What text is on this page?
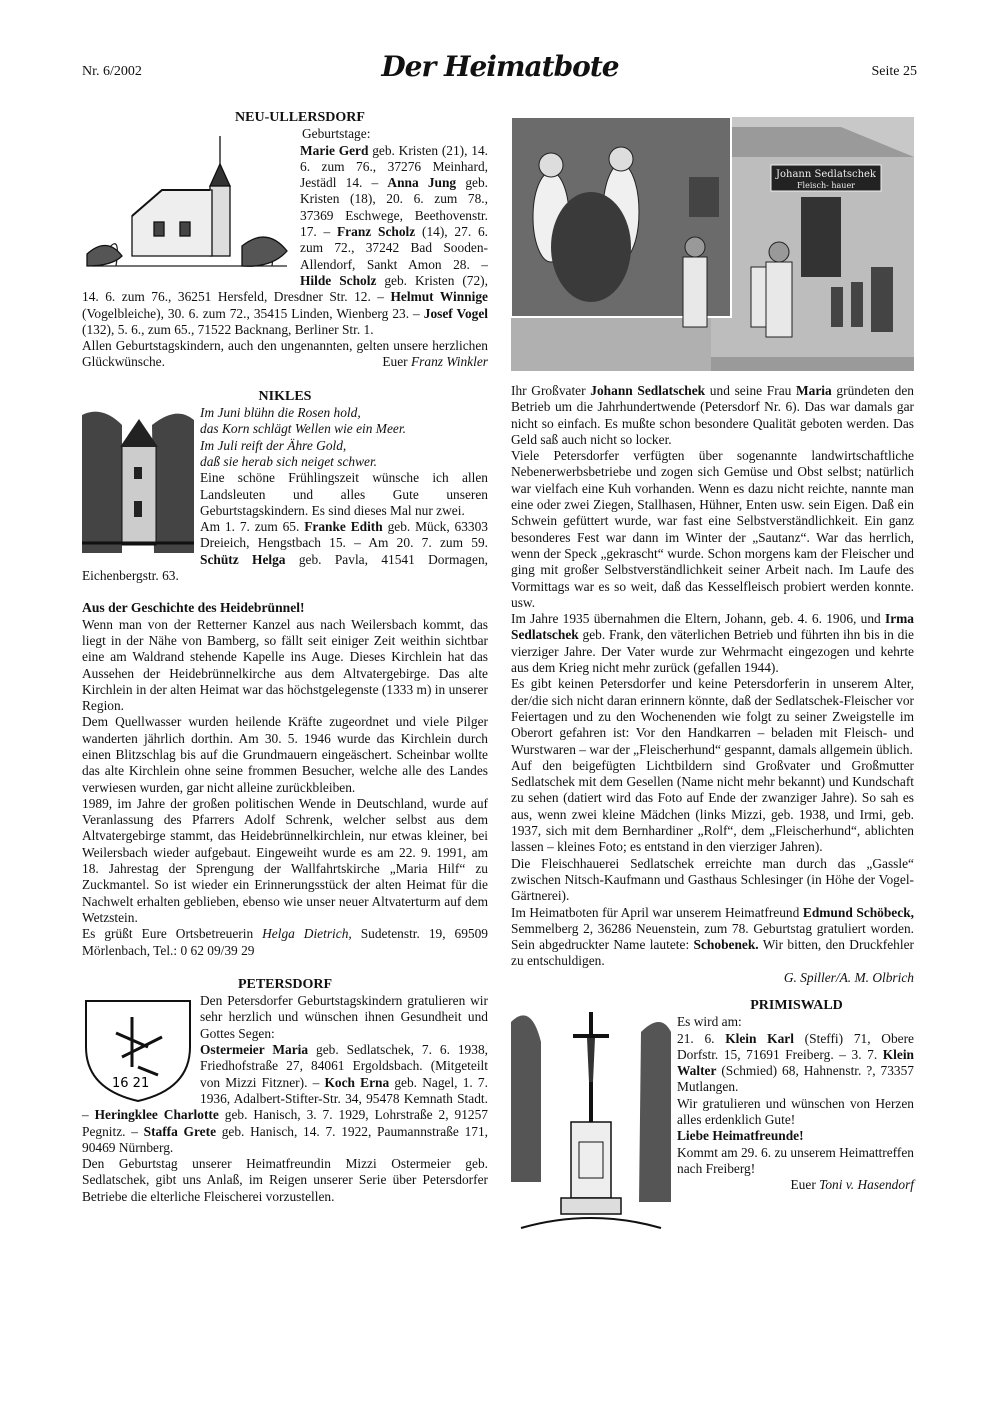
Nr. 6/2002	Der Heimatbote	Seite 25

NEU-ULLERSDORF

Geburtstage:

Marie Gerd geb. Kristen (21), 14. 6. zum 76., 37276 Meinhard, Jestädl 14. – Anna Jung geb. Kristen (18), 20. 6. zum 78., 37369 Eschwege, Beethovenstr. 17. – Franz Scholz (14), 27. 6. zum 72., 37242 Bad Sooden-Allendorf, Sankt Amon 28. – Hilde Scholz geb. Kristen (72), 14. 6. zum 76., 36251 Hersfeld, Dresdner Str. 12. – Helmut Winnige (Vogelbleiche), 30. 6. zum 72., 35415 Linden, Wienberg 23. – Josef Vogel (132), 5. 6., zum 65., 71522 Backnang, Berliner Str. 1.

Allen Geburtstagskindern, auch den ungenannten, gelten unsere herzlichen Glückwünsche.	Euer Franz Winkler

NIKLES

Im Juni blühn die Rosen hold,

das Korn schlägt Wellen wie ein Meer.

Im Juli reift der Ähre Gold,

daß sie herab sich neiget schwer.

Eine schöne Frühlingszeit wünsche ich allen Landsleuten und alles Gute unseren Geburtstagskindern. Es sind dieses Mal nur zwei.

Am 1. 7. zum 65. Franke Edith geb. Mück, 63303 Dreieich, Hengstbach 15. – Am 20. 7. zum 59. Schütz Helga geb. Pavla, 41541 Dormagen, Eichenbergstr. 63.

Aus der Geschichte des Heidebrünnel!

Wenn man von der Retterner Kanzel aus nach Weilersbach kommt, das liegt in der Nähe von Bamberg, so fällt seit einiger Zeit weithin sichtbar eine am Waldrand stehende Kapelle ins Auge. Dieses Kirchlein hat das Aussehen der Heidebrünnelkirche aus dem Altvatergebirge. Das alte Kirchlein in der alten Heimat war das höchstgelegenste (1333 m) in unserer Region.

Dem Quellwasser wurden heilende Kräfte zugeordnet und viele Pilger wanderten jährlich dorthin. Am 30. 5. 1946 wurde das Kirchlein durch einen Blitzschlag bis auf die Grundmauern eingeäschert. Scheinbar wollte das alte Kirchlein ohne seine frommen Besucher, welche alle des Landes verwiesen wurden, gar nicht alleine zurückbleiben.

1989, im Jahre der großen politischen Wende in Deutschland, wurde auf Veranlassung des Pfarrers Adolf Schrenk, welcher selbst aus dem Altvatergebirge stammt, das Heidebrünnelkirchlein, nur etwas kleiner, bei Weilersbach wieder aufgebaut. Eingeweiht wurde es am 22. 9. 1991, am 18. Jahrestag der Sprengung der Wallfahrtskirche „Maria Hilf“ zu Zuckmantel. So ist wieder ein Erinnerungsstück der alten Heimat für die Nachwelt erhalten geblieben, ebenso wie unser neuer Altvaterturm auf dem Wetzstein.

Es grüßt Eure Ortsbetreuerin Helga Dietrich, Sudetenstr. 19, 69509 Mörlenbach, Tel.: 0 62 09/39 29

PETERSDORF

16 21

Den Petersdorfer Geburtstagskindern gratulieren wir sehr herzlich und wünschen ihnen Gesundheit und Gottes Segen:

Ostermeier Maria geb. Sedlatschek, 7. 6. 1938, Friedhofstraße 27, 84061 Ergoldsbach. (Mitgeteilt von Mizzi Fitzner). – Koch Erna geb. Nagel, 1. 7. 1936, Adalbert-Stifter-Str. 34, 95478 Kemnath Stadt. – Heringklee Charlotte geb. Hanisch, 3. 7. 1929, Lohrstraße 2, 91257 Pegnitz. – Staffa Grete geb. Hanisch, 14. 7. 1922, Paumannstraße 171, 90469 Nürnberg.

Den Geburtstag unserer Heimatfreundin Mizzi Ostermeier geb. Sedlatschek, gibt uns Anlaß, im Reigen unserer Serie über Petersdorfer Betriebe die elterliche Fleischerei vorzustellen.

Johann Sedlatschek
Fleisch- hauer

Ihr Großvater Johann Sedlatschek und seine Frau Maria gründeten den Betrieb um die Jahrhundertwende (Petersdorf Nr. 6). Das war damals gar nicht so einfach. Es mußte schon besondere Qualität geboten werden. Das Geld saß auch nicht so locker.

Viele Petersdorfer verfügten über sogenannte landwirtschaftliche Nebenerwerbsbetriebe und zogen sich Gemüse und Obst selbst; natürlich war vielfach eine Kuh vorhanden. Wenn es dazu nicht reichte, nannte man eine oder zwei Ziegen, Stallhasen, Hühner, Enten usw. sein Eigen. Daß ein Schwein gefüttert wurde, war fast eine Selbstverständlichkeit. Ein ganz besonderes Fest war dann im Winter der „Sautanz“. War das herrlich, wenn der Speck „gekrascht“ wurde. Schon morgens kam der Fleischer und ging mit großer Selbstverständlichkeit seiner Arbeit nach. Im Laufe des Vormittags war es so weit, daß das Kesselfleisch probiert werden konnte. usw.

Im Jahre 1935 übernahmen die Eltern, Johann, geb. 4. 6. 1906, und Irma Sedlatschek geb. Frank, den väterlichen Betrieb und führten ihn bis in die vierziger Jahre. Der Vater wurde zur Wehrmacht eingezogen und kehrte aus dem Krieg nicht mehr zurück (gefallen 1944).

Es gibt keinen Petersdorfer und keine Petersdorferin in unserem Alter, der/die sich nicht daran erinnern könnte, daß der Sedlatschek-Fleischer vor Feiertagen und zu den Wochenenden wie folgt zu seiner Zweigstelle im Oberort gefahren ist: Vor den Handkarren – beladen mit Fleisch- und Wurstwaren – war der „Fleischerhund“ gespannt, damals allgemein üblich.

Auf den beigefügten Lichtbildern sind Großvater und Großmutter Sedlatschek mit dem Gesellen (Name nicht mehr bekannt) und Kundschaft zu sehen (datiert wird das Foto auf Ende der zwanziger Jahre). So sah es aus, wenn zwei kleine Mädchen (links Mizzi, geb. 1938, und Irmi, geb. 1937, sich mit dem Bernhardiner „Rolf“, dem „Fleischerhund“, ablichten lassen – kleines Foto; es entstand in den vierziger Jahren).

Die Fleischhauerei Sedlatschek erreichte man durch das „Gassle“ zwischen Nitsch-Kaufmann und Gasthaus Schlesinger (in Höhe der Vogel-Gärtnerei).

Im Heimatboten für April war unserem Heimatfreund Edmund Schöbeck, Semmelberg 2, 36286 Neuenstein, zum 78. Geburtstag gratuliert worden. Sein abgedruckter Name lautete: Schobenek. Wir bitten, den Druckfehler zu entschuldigen.

G. Spiller/A. M. Olbrich

PRIMISWALD

Es wird am:

21. 6. Klein Karl (Steffi) 71, Obere Dorfstr. 15, 71691 Freiberg. – 3. 7. Klein Walter (Schmied) 68, Hahnenstr. ?, 73357 Mutlangen.

Wir gratulieren und wünschen von Herzen alles erdenklich Gute!

Liebe Heimatfreunde!

Kommt am 29. 6. zu unserem Heimattreffen nach Freiberg!

Euer Toni v. Hasendorf
